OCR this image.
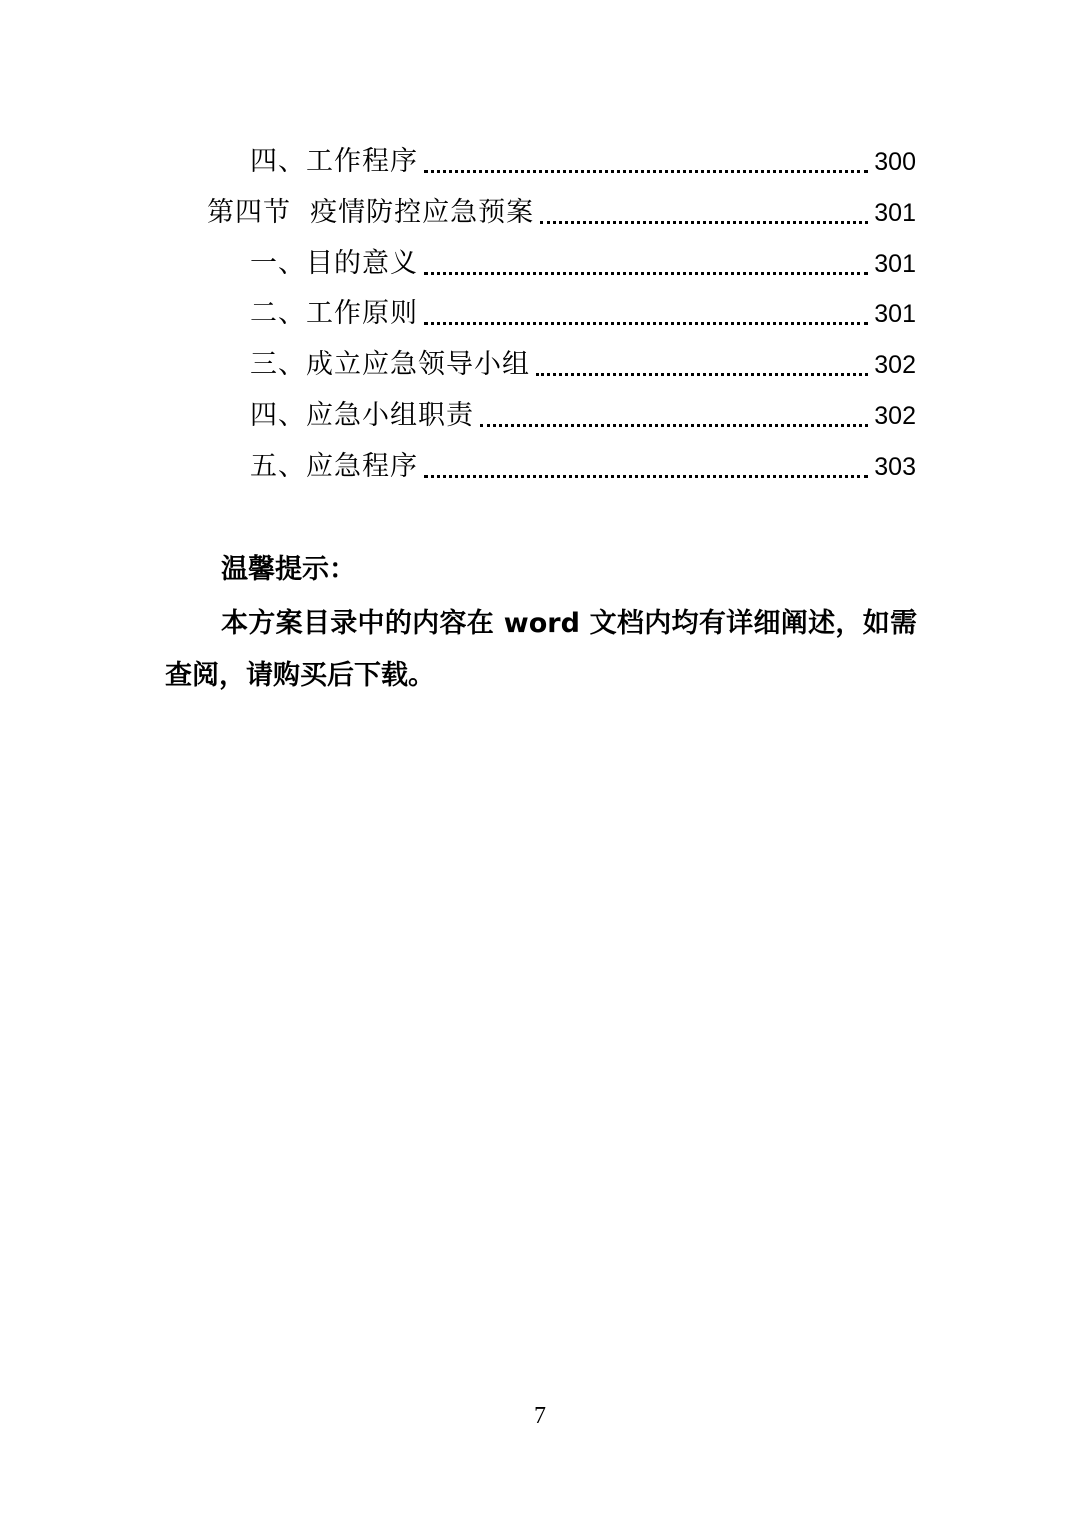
四、工作程序	300
第四节  疫情防控应急预案	301
一、目的意义	301
二、工作原则	301
三、成立应急领导小组	302
四、应急小组职责	302
五、应急程序	303
温馨提示：
本方案目录中的内容在 word 文档内均有详细阐述，如需查阅，请购买后下载。
7
